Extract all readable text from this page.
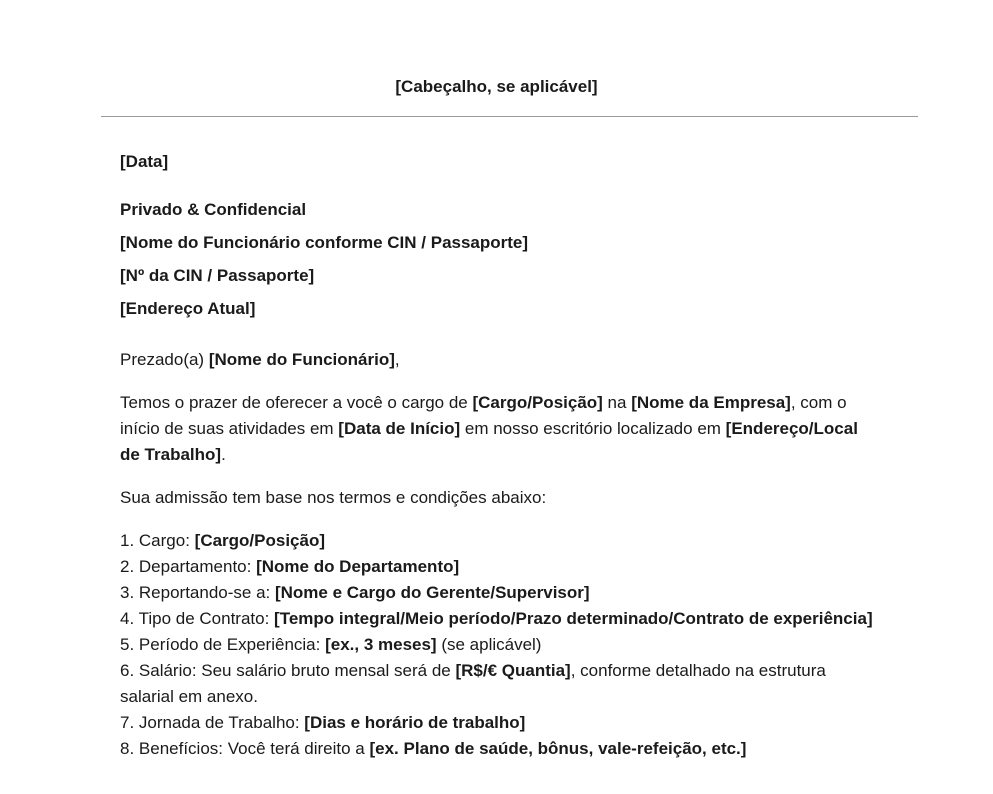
[Cabeçalho, se aplicável]

[Data]

Privado & Confidencial

[Nome do Funcionário conforme CIN / Passaporte]

[Nº da CIN / Passaporte]

[Endereço Atual]

Prezado(a) [Nome do Funcionário],

Temos o prazer de oferecer a você o cargo de [Cargo/Posição] na [Nome da Empresa], com o início de suas atividades em [Data de Início] em nosso escritório localizado em [Endereço/Local de Trabalho].

Sua admissão tem base nos termos e condições abaixo:

1. Cargo: [Cargo/Posição]
2. Departamento: [Nome do Departamento]
3. Reportando-se a: [Nome e Cargo do Gerente/Supervisor]
4. Tipo de Contrato: [Tempo integral/Meio período/Prazo determinado/Contrato de experiência]
5. Período de Experiência: [ex., 3 meses] (se aplicável)
6. Salário: Seu salário bruto mensal será de [R$/€ Quantia], conforme detalhado na estrutura salarial em anexo.
7. Jornada de Trabalho: [Dias e horário de trabalho]
8. Benefícios: Você terá direito a [ex. Plano de saúde, bônus, vale-refeição, etc.]
